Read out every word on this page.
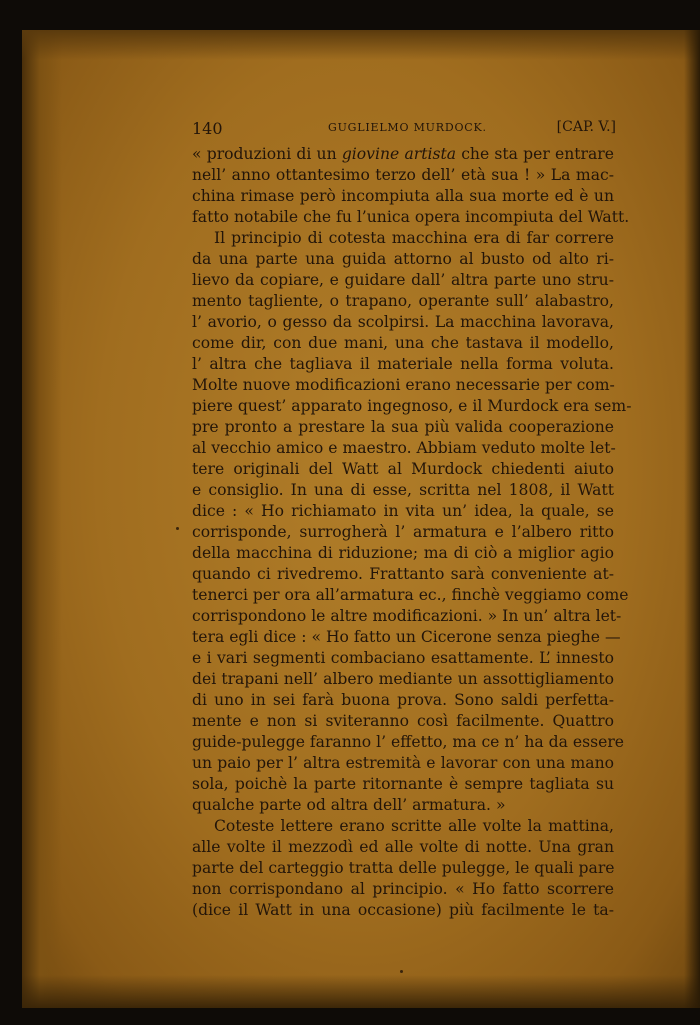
140	GUGLIELMO MURDOCK.	[CAP. V.]
« produzioni di un giovine artista che sta per entrare
nell’ anno ottantesimo terzo dell’ età sua ! » La mac-
china rimase però incompiuta alla sua morte ed è un
fatto notabile che fu l’unica opera incompiuta del Watt.
Il principio di cotesta macchina era di far correre
da una parte una guida attorno al busto od alto ri-
lievo da copiare, e guidare dall’ altra parte uno stru-
mento tagliente, o trapano, operante sull’ alabastro,
l’ avorio, o gesso da scolpirsi. La macchina lavorava,
come dir, con due mani, una che tastava il modello,
l’ altra che tagliava il materiale nella forma voluta.
Molte nuove modificazioni erano necessarie per com-
piere quest’ apparato ingegnoso, e il Murdock era sem-
pre pronto a prestare la sua più valida cooperazione
al vecchio amico e maestro. Abbiam veduto molte let-
tere originali del Watt al Murdock chiedenti aiuto
e consiglio. In una di esse, scritta nel 1808, il Watt
dice : « Ho richiamato in vita un’ idea, la quale, se
corrisponde, surrogherà l’ armatura e l’albero ritto
della macchina di riduzione; ma di ciò a miglior agio
quando ci rivedremo. Frattanto sarà conveniente at-
tenerci per ora all’armatura ec., finchè veggiamo come
corrispondono le altre modificazioni. » In un’ altra let-
tera egli dice : « Ho fatto un Cicerone senza pieghe —
e i vari segmenti combaciano esattamente. L’ innesto
dei trapani nell’ albero mediante un assottigliamento
di uno in sei farà buona prova. Sono saldi perfetta-
mente e non si sviteranno così facilmente. Quattro
guide-pulegge faranno l’ effetto, ma ce n’ ha da essere
un paio per l’ altra estremità e lavorar con una mano
sola, poichè la parte ritornante è sempre tagliata su
qualche parte od altra dell’ armatura. »
Coteste lettere erano scritte alle volte la mattina,
alle volte il mezzodì ed alle volte di notte. Una gran
parte del carteggio tratta delle pulegge, le quali pare
non corrispondano al principio. « Ho fatto scorrere
(dice il Watt in una occasione) più facilmente le ta-
